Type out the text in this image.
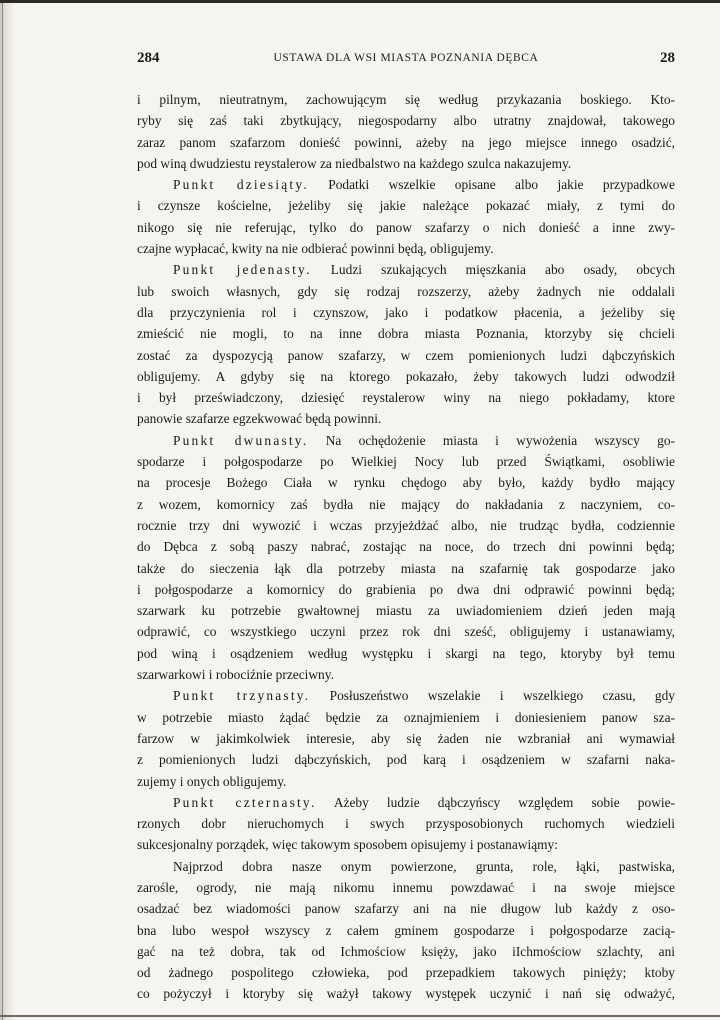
284	USTAWA DLA WSI MIASTA POZNANIA DĘBCA	28
i pilnym, nieutratnym, zachowującym się według przykazania boskiego. Kto-
ryby się zaś taki zbytkujący, niegospodarny albo utratny znajdował, takowego
zaraz panom szafarzom donieść powinni, ażeby na jego miejsce innego osadzić,
pod winą dwudziestu reystalerow za niedbalstwo na każdego szulca nakazujemy.
Punkt dziesiąty. Podatki wszelkie opisane albo jakie przypadkowe
i czynsze kościelne, jeżeliby się jakie należące pokazać miały, z tymi do
nikogo się nie referując, tylko do panow szafarzy o nich donieść a inne zwy-
czajne wypłacać, kwity na nie odbierać powinni będą, obligujemy.
Punkt jedenasty. Ludzi szukających mięszkania abo osady, obcych
lub swoich własnych, gdy się rodzaj rozszerzy, ażeby żadnych nie oddalali
dla przyczynienia rol i czynszow, jako i podatkow płacenia, a jeżeliby się
zmieścić nie mogli, to na inne dobra miasta Poznania, ktorzyby się chcieli
zostać za dyspozycją panow szafarzy, w czem pomienionych ludzi dąbczyńskich
obligujemy. A gdyby się na ktorego pokazało, żeby takowych ludzi odwodził
i był przeświadczony, dziesięć reystalerow winy na niego pokładamy, ktore
panowie szafarze egzekwować będą powinni.
Punkt dwunasty. Na ochędożenie miasta i wywożenia wszyscy go-
spodarze i połgospodarze po Wielkiej Nocy lub przed Świątkami, osobliwie
na procesje Bożego Ciała w rynku chędogo aby było, każdy bydło mający
z wozem, komornicy zaś bydła nie mający do nakładania z naczyniem, co-
rocznie trzy dni wywozić i wczas przyjeżdżać albo, nie trudząc bydła, codziennie
do Dębca z sobą paszy nabrać, zostając na noce, do trzech dni powinni będą;
także do sieczenia łąk dla potrzeby miasta na szafarnię tak gospodarze jako
i połgospodarze a komornicy do grabienia po dwa dni odprawić powinni będą;
szarwark ku potrzebie gwałtownej miastu za uwiadomieniem dzień jeden mają
odprawić, co wszystkiego uczyni przez rok dni sześć, obligujemy i ustanawiamy,
pod winą i osądzeniem według występku i skargi na tego, ktoryby był temu
szarwarkowi i robociźnie przeciwny.
Punkt trzynasty. Posłuszeństwo wszelakie i wszelkiego czasu, gdy
w potrzebie miasto żądać będzie za oznajmieniem i doniesieniem panow sza-
farzow w jakimkolwiek interesie, aby się żaden nie wzbraniał ani wymawiał
z pomienionych ludzi dąbczyńskich, pod karą i osądzeniem w szafarni naka-
zujemy i onych obligujemy.
Punkt czternasty. Ażeby ludzie dąbczyńscy względem sobie powie-
rzonych dobr nieruchomych i swych przysposobionych ruchomych wiedzieli
sukcesjonalny porządek, więc takowym sposobem opisujemy i postanawiąmy:
Najprzod dobra nasze onym powierzone, grunta, role, łąki, pastwiska,
zarośle, ogrody, nie mają nikomu innemu powzdawać i na swoje miejsce
osadzać bez wiadomości panow szafarzy ani na nie długow lub każdy z oso-
bna lubo wespoł wszyscy z całem gminem gospodarze i połgospodarze zacią-
gać na też dobra, tak od Ichmościow księży, jako iIchmościow szlachty, ani
od żadnego pospolitego człowieka, pod przepadkiem takowych pinięży; ktoby
co pożyczył i ktoryby się ważył takowy występek uczynić i nań się odważyć,
